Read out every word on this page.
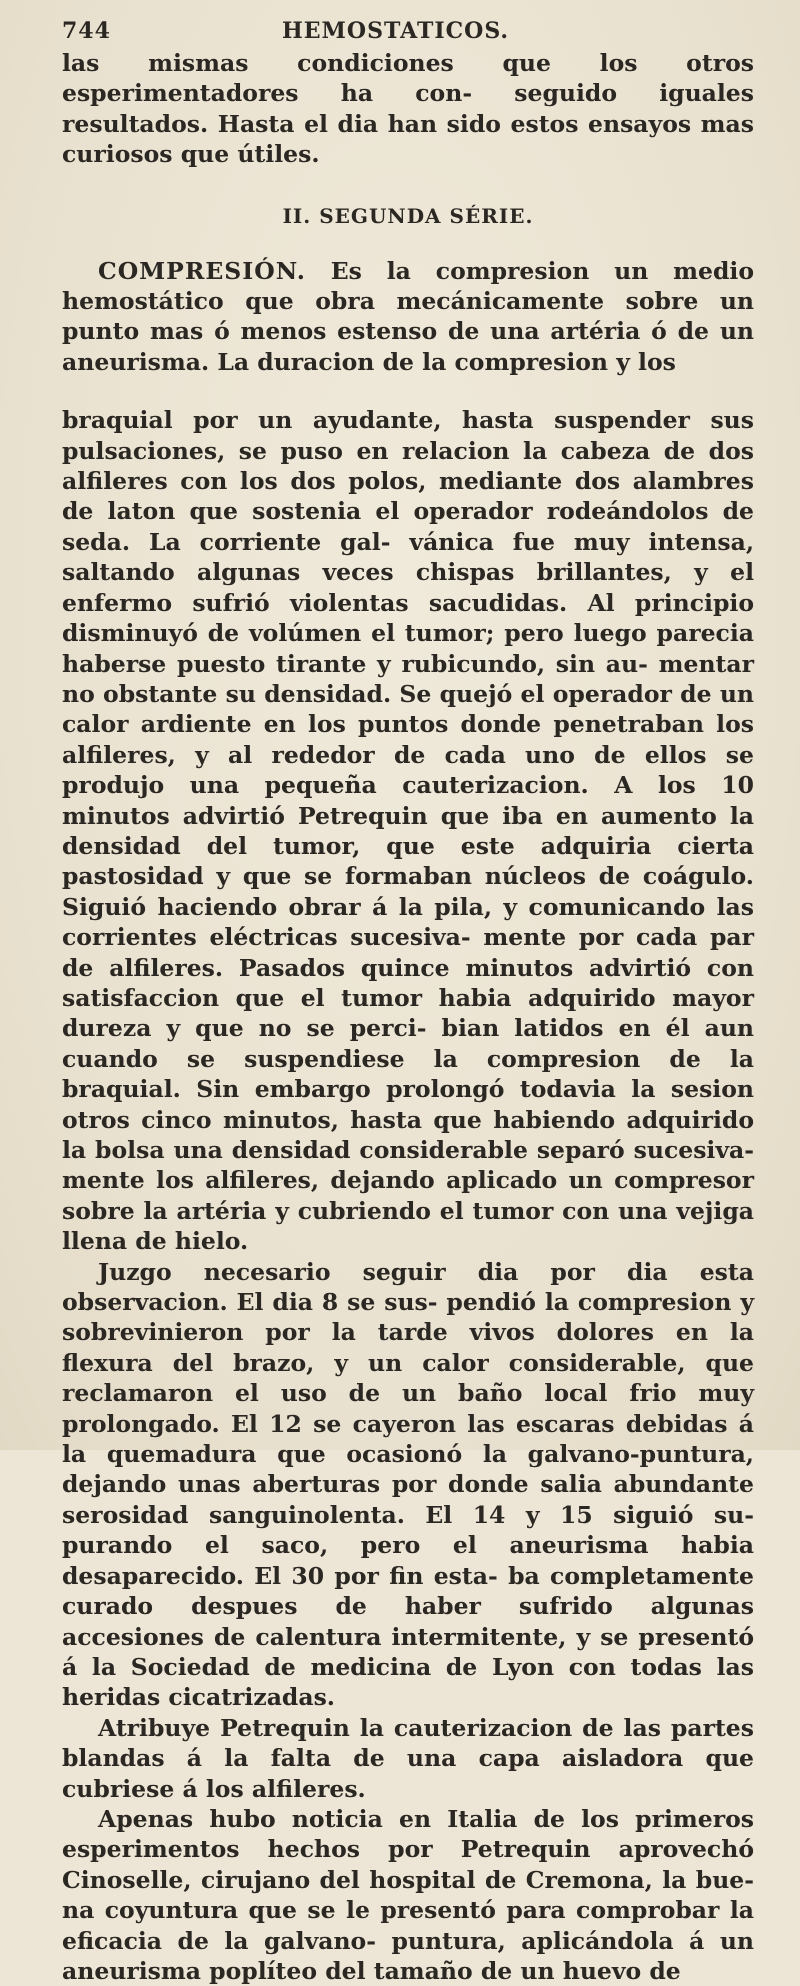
744	HEMOSTATICOS.

las mismas condiciones que los otros esperimentadores ha con- seguido iguales resultados. Hasta el dia han sido estos ensayos mas curiosos que útiles.

II. SEGUNDA SÉRIE.

COMPRESIÓN. Es la compresion un medio hemostático que obra mecánicamente sobre un punto mas ó menos estenso de una artéria ó de un aneurisma. La duracion de la compresion y los

braquial por un ayudante, hasta suspender sus pulsaciones, se puso en relacion la cabeza de dos alfileres con los dos polos, mediante dos alambres de laton que sostenia el operador rodeándolos de seda. La corriente gal- vánica fue muy intensa, saltando algunas veces chispas brillantes, y el enfermo sufrió violentas sacudidas. Al principio disminuyó de volúmen el tumor; pero luego parecia haberse puesto tirante y rubicundo, sin au- mentar no obstante su densidad. Se quejó el operador de un calor ardiente en los puntos donde penetraban los alfileres, y al rededor de cada uno de ellos se produjo una pequeña cauterizacion. A los 10 minutos advirtió Petrequin que iba en aumento la densidad del tumor, que este adquiria cierta pastosidad y que se formaban núcleos de coágulo. Siguió haciendo obrar á la pila, y comunicando las corrientes eléctricas sucesiva- mente por cada par de alfileres. Pasados quince minutos advirtió con satisfaccion que el tumor habia adquirido mayor dureza y que no se perci- bian latidos en él aun cuando se suspendiese la compresion de la braquial. Sin embargo prolongó todavia la sesion otros cinco minutos, hasta que habiendo adquirido la bolsa una densidad considerable separó sucesiva- mente los alfileres, dejando aplicado un compresor sobre la artéria y cubriendo el tumor con una vejiga llena de hielo.

Juzgo necesario seguir dia por dia esta observacion. El dia 8 se sus- pendió la compresion y sobrevinieron por la tarde vivos dolores en la flexura del brazo, y un calor considerable, que reclamaron el uso de un baño local frio muy prolongado. El 12 se cayeron las escaras debidas á la quemadura que ocasionó la galvano-puntura, dejando unas aberturas por donde salia abundante serosidad sanguinolenta. El 14 y 15 siguió su- purando el saco, pero el aneurisma habia desaparecido. El 30 por fin esta- ba completamente curado despues de haber sufrido algunas accesiones de calentura intermitente, y se presentó á la Sociedad de medicina de Lyon con todas las heridas cicatrizadas.

Atribuye Petrequin la cauterizacion de las partes blandas á la falta de una capa aisladora que cubriese á los alfileres.

Apenas hubo noticia en Italia de los primeros esperimentos hechos por Petrequin aprovechó Cinoselle, cirujano del hospital de Cremona, la bue- na coyuntura que se le presentó para comprobar la eficacia de la galvano- puntura, aplicándola á un aneurisma poplíteo del tamaño de un huevo de
